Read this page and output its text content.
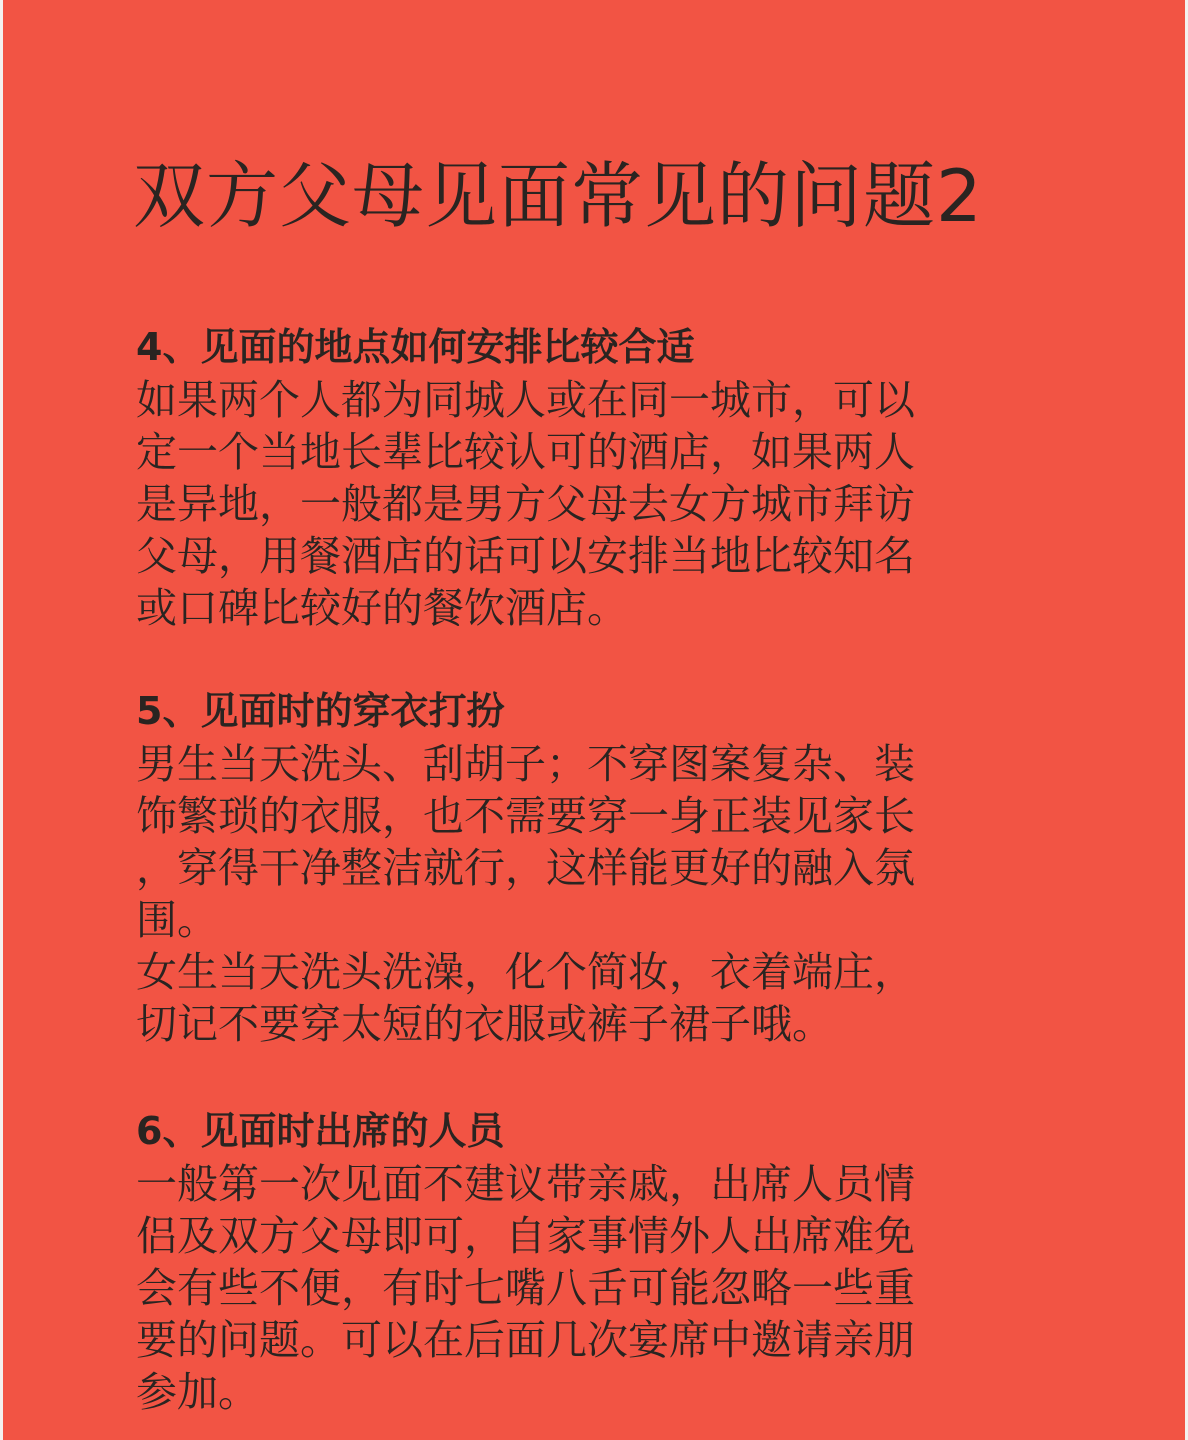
双方父母见面常见的问题2
4、见面的地点如何安排比较合适
如果两个人都为同城人或在同一城市，可以
定一个当地长辈比较认可的酒店，如果两人
是异地，一般都是男方父母去女方城市拜访
父母，用餐酒店的话可以安排当地比较知名
或口碑比较好的餐饮酒店。
5、见面时的穿衣打扮
男生当天洗头、刮胡子；不穿图案复杂、装
饰繁琐的衣服，也不需要穿一身正装见家长
，穿得干净整洁就行，这样能更好的融入氛
围。
女生当天洗头洗澡，化个简妆，衣着端庄，
切记不要穿太短的衣服或裤子裙子哦。
6、见面时出席的人员
一般第一次见面不建议带亲戚，出席人员情
侣及双方父母即可，自家事情外人出席难免
会有些不便，有时七嘴八舌可能忽略一些重
要的问题。可以在后面几次宴席中邀请亲朋
参加。
